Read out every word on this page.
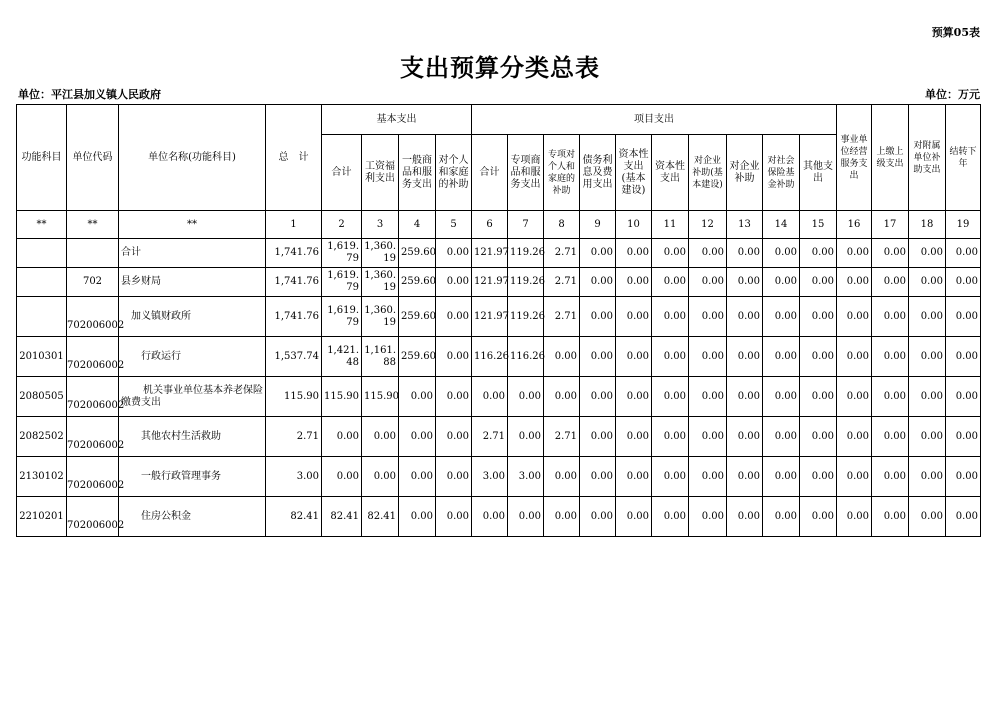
预算05表
支出预算分类总表
单位：平江县加义镇人民政府	单位：万元
功能科目	单位代码	单位名称(功能科目)	总　计	基本支出				项目支出										事业单位经营服务支出	上缴上级支出	对附属单位补助支出	结转下年
				合计	工资福利支出	一般商品和服务支出	对个人和家庭的补助	合计	专项商品和服务支出	专项对个人和家庭的补助	债务利息及费用支出	资本性支出(基本建设)	资本性支出	对企业补助(基本建设)	对企业补助	对社会保险基金补助	其他支出				
**	**	**	1	2	3	4	5	6	7	8	9	10	11	12	13	14	15	16	17	18	19
		合计	1,741.76	1,619.79	1,360.19	259.60	0.00	121.97	119.26	2.71	0.00	0.00	0.00	0.00	0.00	0.00	0.00	0.00	0.00	0.00	0.00
	702	县乡财局	1,741.76	1,619.79	1,360.19	259.60	0.00	121.97	119.26	2.71	0.00	0.00	0.00	0.00	0.00	0.00	0.00	0.00	0.00	0.00	0.00
	702006002	加义镇财政所	1,741.76	1,619.79	1,360.19	259.60	0.00	121.97	119.26	2.71	0.00	0.00	0.00	0.00	0.00	0.00	0.00	0.00	0.00	0.00	0.00
2010301	702006002	行政运行	1,537.74	1,421.48	1,161.88	259.60	0.00	116.26	116.26	0.00	0.00	0.00	0.00	0.00	0.00	0.00	0.00	0.00	0.00	0.00	0.00
2080505	702006002	机关事业单位基本养老保险缴费支出	115.90	115.90	115.90	0.00	0.00	0.00	0.00	0.00	0.00	0.00	0.00	0.00	0.00	0.00	0.00	0.00	0.00	0.00	0.00
2082502	702006002	其他农村生活救助	2.71	0.00	0.00	0.00	0.00	2.71	0.00	2.71	0.00	0.00	0.00	0.00	0.00	0.00	0.00	0.00	0.00	0.00	0.00
2130102	702006002	一般行政管理事务	3.00	0.00	0.00	0.00	0.00	3.00	3.00	0.00	0.00	0.00	0.00	0.00	0.00	0.00	0.00	0.00	0.00	0.00	0.00
2210201	702006002	住房公积金	82.41	82.41	82.41	0.00	0.00	0.00	0.00	0.00	0.00	0.00	0.00	0.00	0.00	0.00	0.00	0.00	0.00	0.00	0.00
